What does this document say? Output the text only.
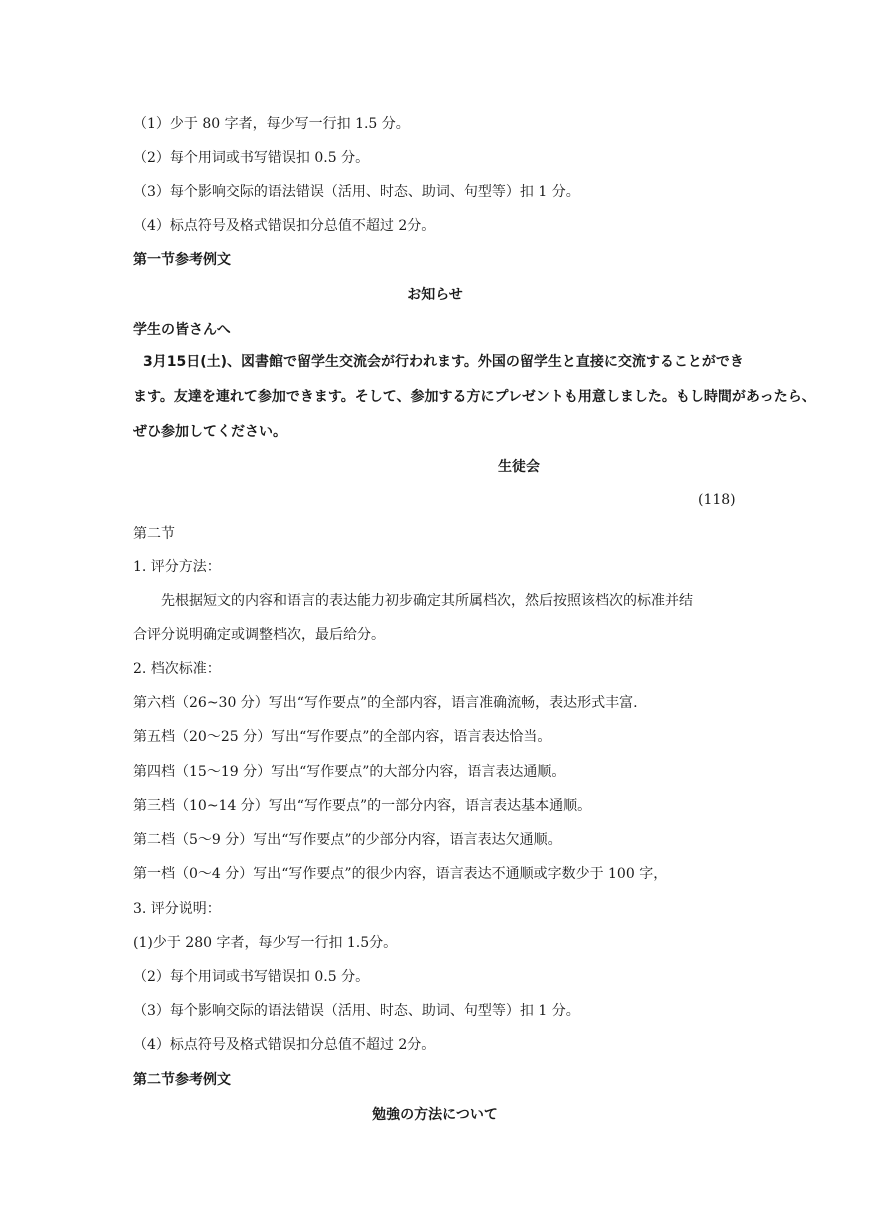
（1）少于 80 字者，每少写一行扣 1.5 分。
（2）每个用词或书写错误扣 0.5 分。
（3）每个影响交际的语法错误（活用、时态、助词、句型等）扣 1 分。
（4）标点符号及格式错误扣分总值不超过 2分。
第一节参考例文
お知らせ
学生の皆さんへ
3月15日(土)、図書館で留学生交流会が行われます。外国の留学生と直接に交流することができ
ます。友達を連れて参加できます。そして、参加する方にプレゼントも用意しました。もし時間があったら、
ぜひ参加してください。
生徒会
(118)
第二节
1. 评分方法：
先根据短文的内容和语言的表达能力初步确定其所属档次，然后按照该档次的标准并结
合评分说明确定或调整档次，最后给分。
2. 档次标准：
第六档（26~30 分）写出“写作要点”的全部内容，语言准确流畅，表达形式丰富.
第五档（20～25 分）写出“写作要点”的全部内容，语言表达恰当。
第四档（15～19 分）写出“写作要点”的大部分内容，语言表达通顺。
第三档（10~14 分）写出“写作要点”的一部分内容，语言表达基本通顺。
第二档（5～9 分）写出“写作要点”的少部分内容，语言表达欠通顺。
第一档（0～4 分）写出“写作要点”的很少内容，语言表达不通顺或字数少于 100 字，
3. 评分说明：
(1)少于 280 字者，每少写一行扣 1.5分。
（2）每个用词或书写错误扣 0.5 分。
（3）每个影响交际的语法错误（活用、时态、助词、句型等）扣 1 分。
（4）标点符号及格式错误扣分总值不超过 2分。
第二节参考例文
勉強の方法について
